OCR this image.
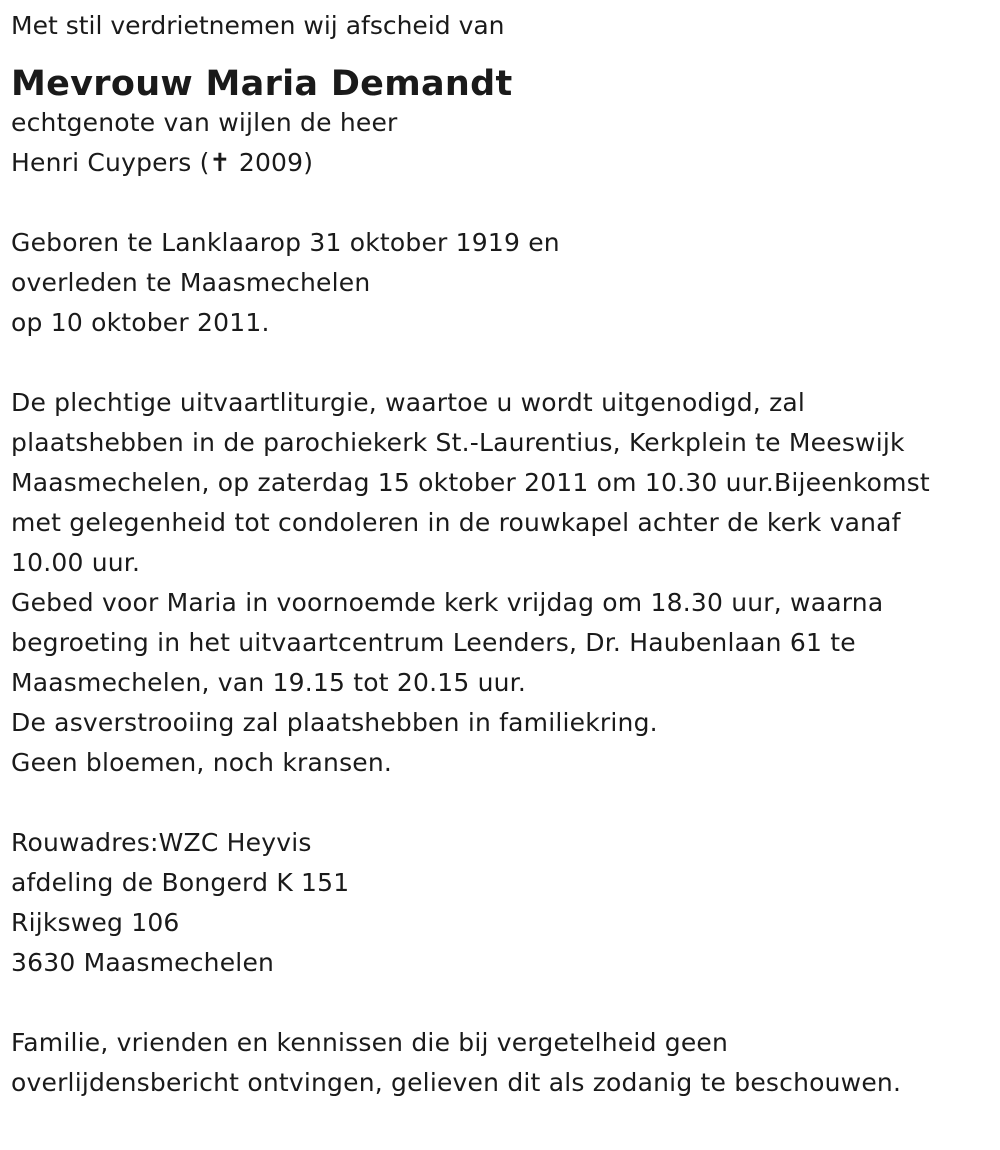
Met stil verdrietnemen wij afscheid van
Mevrouw Maria Demandt
echtgenote van wijlen de heer
Henri Cuypers (✝ 2009)
Geboren te Lanklaarop 31 oktober 1919 en
overleden te Maasmechelen
op 10 oktober 2011.
De plechtige uitvaartliturgie, waartoe u wordt uitgenodigd, zal
plaatshebben in de parochiekerk St.-Laurentius, Kerkplein te Meeswijk
Maasmechelen, op zaterdag 15 oktober 2011 om 10.30 uur.Bijeenkomst
met gelegenheid tot condoleren in de rouwkapel achter de kerk vanaf
10.00 uur.
Gebed voor Maria in voornoemde kerk vrijdag om 18.30 uur, waarna
begroeting in het uitvaartcentrum Leenders, Dr. Haubenlaan 61 te
Maasmechelen, van 19.15 tot 20.15 uur.
De asverstrooiing zal plaatshebben in familiekring.
Geen bloemen, noch kransen.
Rouwadres:WZC Heyvis
afdeling de Bongerd K 151
Rijksweg 106
3630 Maasmechelen
Familie, vrienden en kennissen die bij vergetelheid geen
overlijdensbericht ontvingen, gelieven dit als zodanig te beschouwen.
